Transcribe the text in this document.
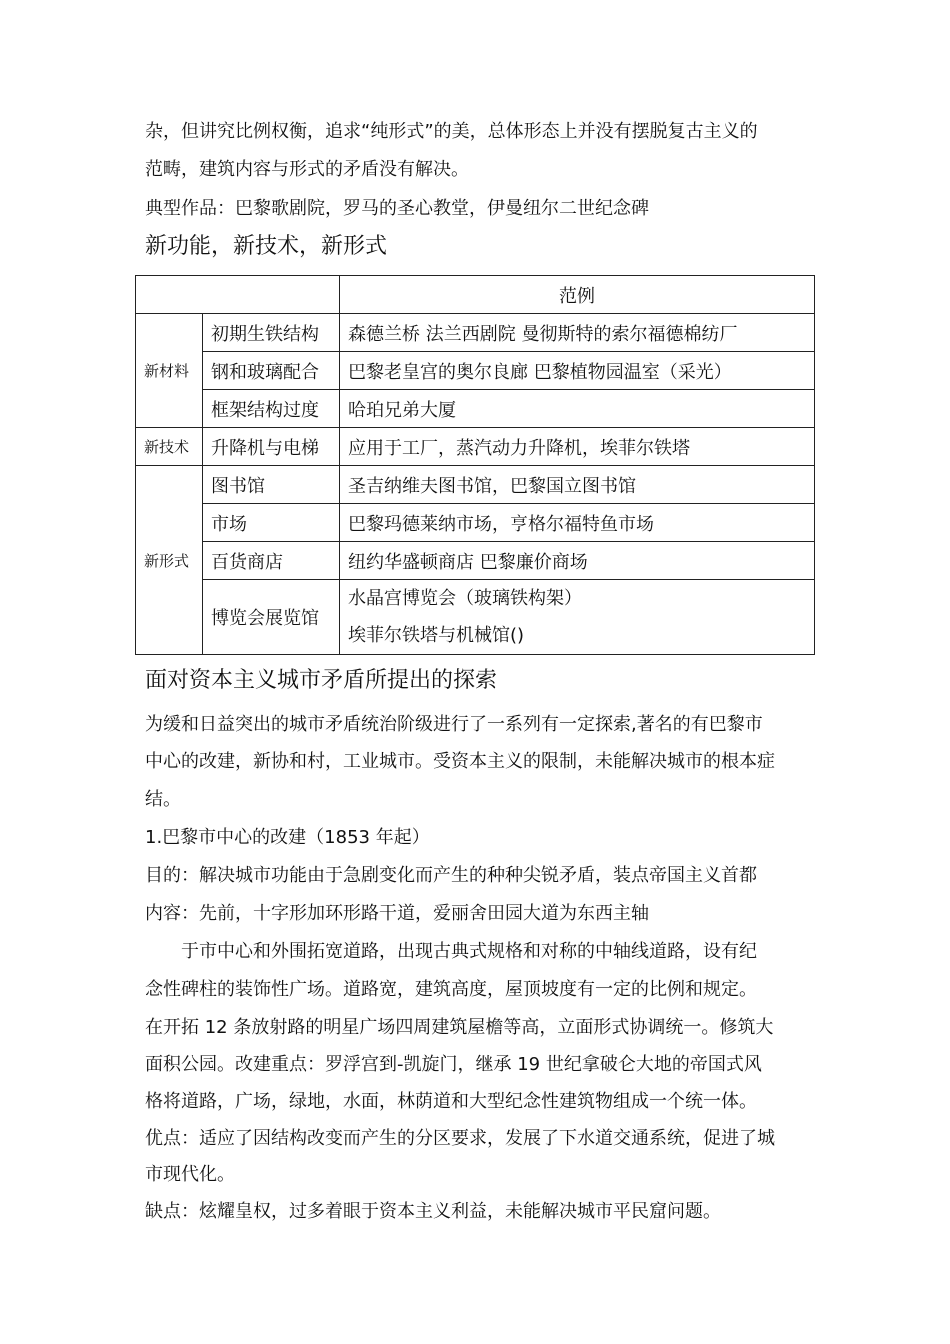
杂，但讲究比例权衡，追求“纯形式”的美，总体形态上并没有摆脱复古主义的
范畴，建筑内容与形式的矛盾没有解决。
典型作品：巴黎歌剧院，罗马的圣心教堂，伊曼纽尔二世纪念碑
新功能，新技术，新形式
		范例
新材料	初期生铁结构	森德兰桥 法兰西剧院 曼彻斯特的索尔福德棉纺厂
	钢和玻璃配合	巴黎老皇宫的奥尔良廊 巴黎植物园温室（采光）
	框架结构过度	哈珀兄弟大厦
新技术	升降机与电梯	应用于工厂，蒸汽动力升降机，埃菲尔铁塔
新形式	图书馆	圣吉纳维夫图书馆，巴黎国立图书馆
	市场	巴黎玛德莱纳市场，亨格尔福特鱼市场
	百货商店	纽约华盛顿商店 巴黎廉价商场
	博览会展览馆	水晶宫博览会（玻璃铁构架）
埃菲尔铁塔与机械馆()
面对资本主义城市矛盾所提出的探索
为缓和日益突出的城市矛盾统治阶级进行了一系列有一定探索,著名的有巴黎市
中心的改建，新协和村，工业城市。受资本主义的限制，未能解决城市的根本症
结。
1.巴黎市中心的改建（1853 年起）
目的：解决城市功能由于急剧变化而产生的种种尖锐矛盾，装点帝国主义首都
内容：先前，十字形加环形路干道，爱丽舍田园大道为东西主轴
　　于市中心和外围拓宽道路，出现古典式规格和对称的中轴线道路，设有纪
念性碑柱的装饰性广场。道路宽，建筑高度，屋顶坡度有一定的比例和规定。
在开拓 12 条放射路的明星广场四周建筑屋檐等高，立面形式协调统一。修筑大
面积公园。改建重点：罗浮宫到-凯旋门，继承 19 世纪拿破仑大地的帝国式风
格将道路，广场，绿地，水面，林荫道和大型纪念性建筑物组成一个统一体。
优点：适应了因结构改变而产生的分区要求，发展了下水道交通系统，促进了城
市现代化。
缺点：炫耀皇权，过多着眼于资本主义利益，未能解决城市平民窟问题。
